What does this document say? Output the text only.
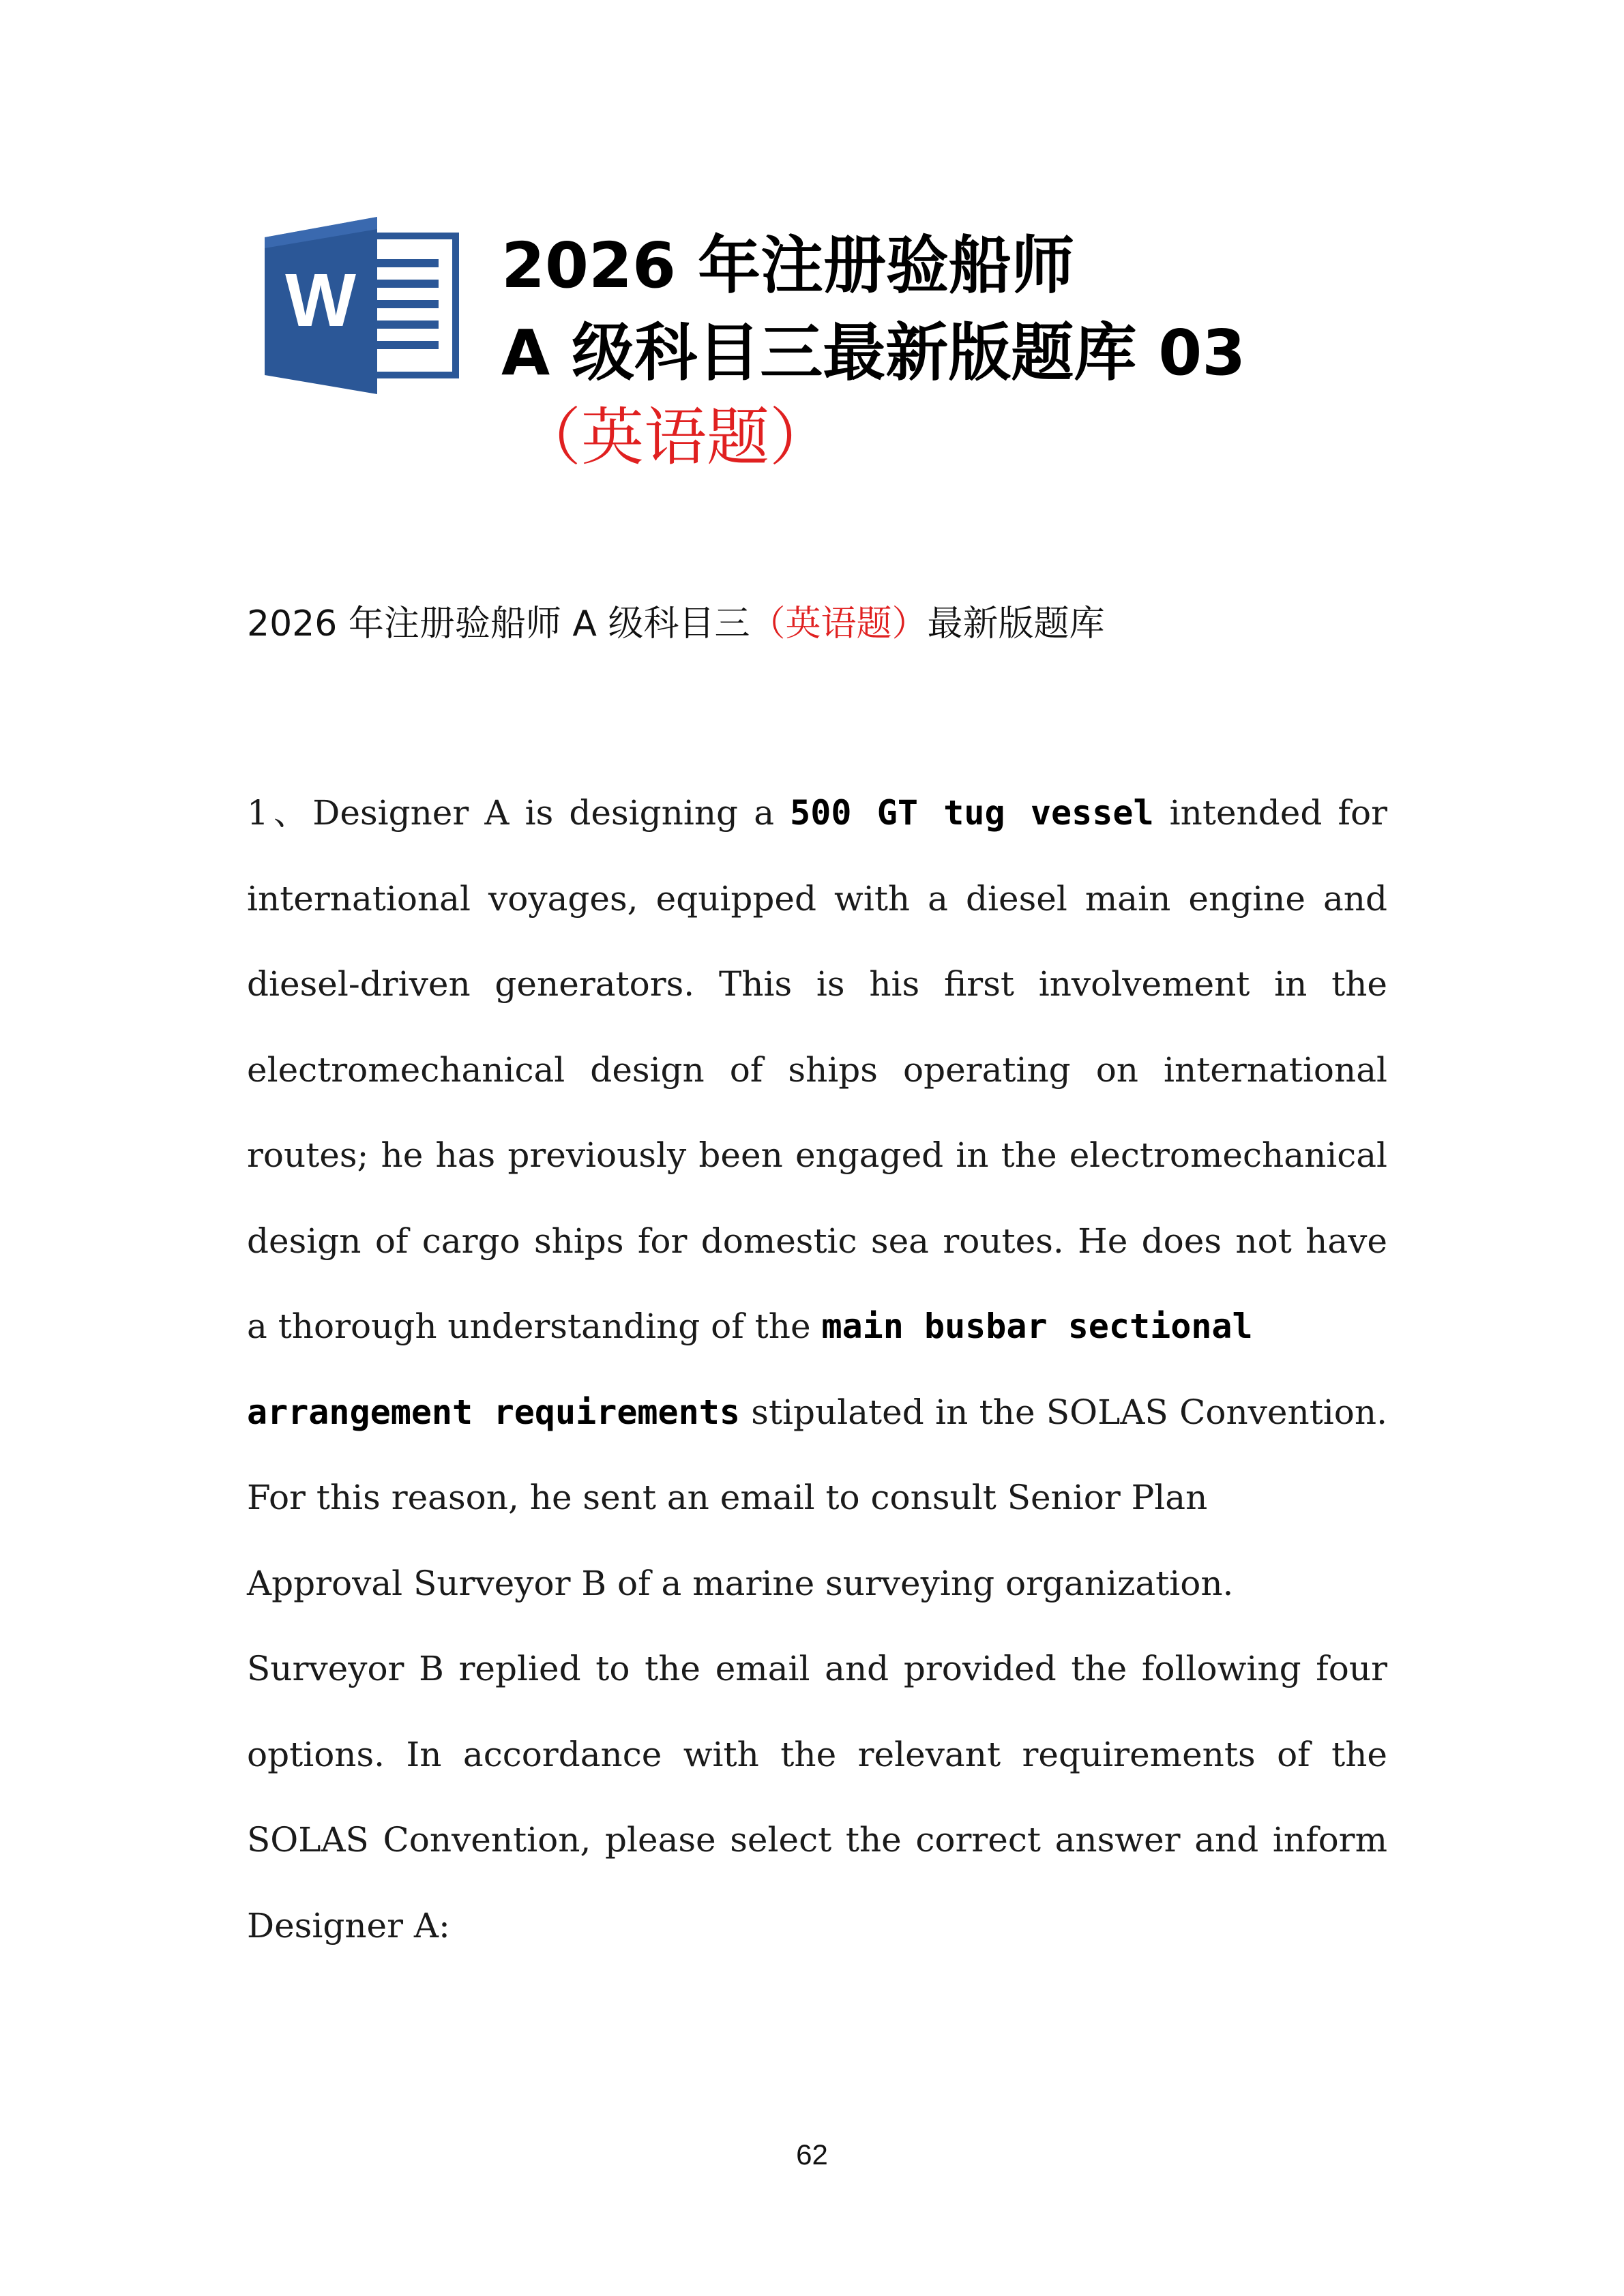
W 2026 年注册验船师
A 级科目三最新版题库 03
（英语题）
2026 年注册验船师 A 级科目三（英语题）最新版题库
1、Designer A is designing a 500 GT tug vessel intended for
international voyages, equipped with a diesel main engine and
diesel-driven generators. This is his first involvement in the
electromechanical design of ships operating on international
routes; he has previously been engaged in the electromechanical
design of cargo ships for domestic sea routes. He does not have
a thorough understanding of the main busbar sectional
arrangement requirements stipulated in the SOLAS Convention.
For this reason, he sent an email to consult Senior Plan
Approval Surveyor B of a marine surveying organization.
Surveyor B replied to the email and provided the following four
options. In accordance with the relevant requirements of the
SOLAS Convention, please select the correct answer and inform
Designer A:
62
